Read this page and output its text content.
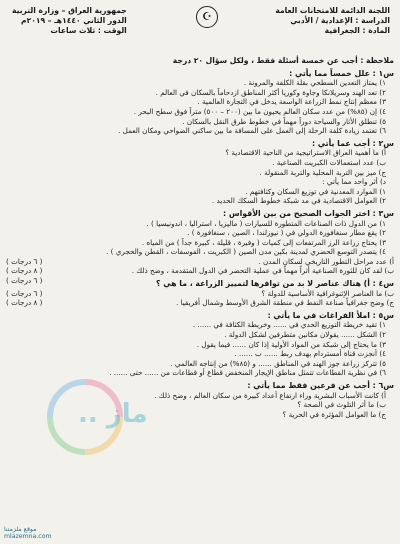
اللجنة الدائمة للامتحانات العامة
الدراسة : الإعدادية / الأدبي
المادة : الجغرافية
☪
جمهورية العراق – وزارة التربية
الدور الثاني ١٤٤٠هـ – ٢٠١٩م
الوقت : ثلاث ساعات
ملاحظة : أجب عن خمسة أسئلة فقط ، ولكل سؤال ٢٠ درجة
س١ : علل خمساً مما يأتي :
١) يمتاز التعدين السطحي بقلة الكلفة والمرونة .
٢) تعد الهند وسريلانكا وجاوة وكوريا أكثر المناطق ازدحاماً بالسكان في العالم .
٣) معظم إنتاج نمط الزراعة الواسعة يدخل في التجارة العالمية .
٤) إن (٨٥%) من عدد سكان العالم يحيون ما بين (٢٠٠ – ٥٠٠) متراً فوق سطح البحر .
٥) تنطلق الأثار والسياحة دوراً مهماً في خطوط طرق النقل بالسكان .
٦) تعتمد زيادة كلفة الرحلة إلى العمل على المسافة ما بين ساكني الضواحي ومكان العمل .
س٢ : أجب عما يأتي :
أ) ما أهمية العراق الاستراتيجية من الناحية الاقتصادية ؟
ب) عدد استعمالات الكبريت الصناعية .
ج) ميز بين التربة المحلية والتربة المنقولة .
د) أثر واحد مما يأتي :
١) الموارد المعدنية في توزيع السكان وكثافتهم .
٢) العوامل الاقتصادية في مد شبكة خطوط السكك الحديد .
س٣ : اختر الجواب الصحيح من بين الأقواس :
١) من الدول ذات الصناعات المتطورة للسيارات ( ماليزيا ، استراليا ، اندونيسيا ) .
٢) يقع مطار سنغافورة الدولي في ( نيوزلندا ، الصين ، سنغافورة ) .
٣) يحتاج زراعة الرز المرتفعات إلى كميات ( وفيرة ، قليلة ، كبيرة جداً ) من المياه .
٤) يتصدر التوسع الحضري لمدينة بكين مدن الصين ( الكبريت ، الفوسفات ، القطن والحجري ) .
أ) عدد مراحل التطور التاريخي لسكان المدن .
( ٦ درجات )
ب) لقد كان للثورة الصناعية أثراً مهماً في عملية التحضر في الدول المتقدمة ، وضح ذلك .
( ٨ درجات )
س٤ : أ) هناك عناصر لا بد من توافرها لتمييز الزراعة ، ما هي ؟
( ٦ درجات )
ب) ما العناصر الإثنوغرافية الأساسية للدولة ؟
( ٦ درجات )
ج) وضح جغرافياً صناعة النفط في منطقة الشرق الأوسط وشمال أفريقيا .
( ٨ درجات )
س٥ : املأ الفراغات في ما يأتي :
١) تقيد خريطة التوزيع الحدي في ...... وخريطة الكثافة في ...... .
٢) الشكل ...... يقولان مكانين متطرفين لشكل الدولة .
٣) ما يحتاج إلى شبكة من المواد الأولية إذا كان ...... فيما يقول .
٤) أنجزت قناة أمستردام بهدف ربط ...... ب ...... .
٥) تتركز زراعة جوز الهند في المناطق ...... و (٨٥%) من إنتاجه العالمي .
٦) في نظرية القطاعات تتمثل مناطق الإيجار المنخفض قطاع أو قطاعات من ...... حتى ...... .
س٦ : أجب عن فرعين فقط مما يأتي :
أ) كانت الأسباب البشرية وراء ارتفاع أعداد كبيرة من سكان العالم ، وضح ذلك .
ب) ما أثر التلوث في الصحة ؟
ج) ما العوامل المؤثرة في الحرية ؟
ماز ..
موقع ملزمتنا
mlazemna.com
